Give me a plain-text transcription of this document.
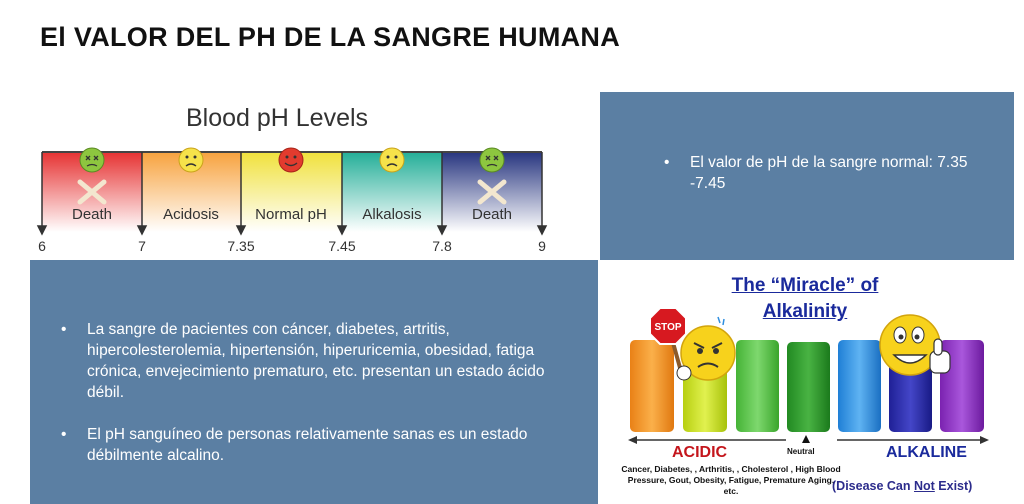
El VALOR DEL PH DE LA SANGRE HUMANA
Blood pH Levels
Death	Acidosis Normal pH Alkalosis	Death
6	7	7.35	7.45	7.8	9
• El valor de pH de la sangre normal: 7.35 -7.45
• La sangre de pacientes con cáncer, diabetes, artritis, hipercolesterolemia, hipertensión, hiperuricemia, obesidad, fatiga crónica, envejecimiento prematuro, etc. presentan un estado ácido débil.
• El pH sanguíneo de personas relativamente sanas es un estado débilmente alcalino.
The “Miracle” of
Alkalinity
STOP
Neutral
ACIDIC	ALKALINE
Cancer, Diabetes, , Arthritis, , Cholesterol , High Blood Pressure, Gout, Obesity, Fatigue, Premature Aging, etc.	(Disease Can Not Exist)
